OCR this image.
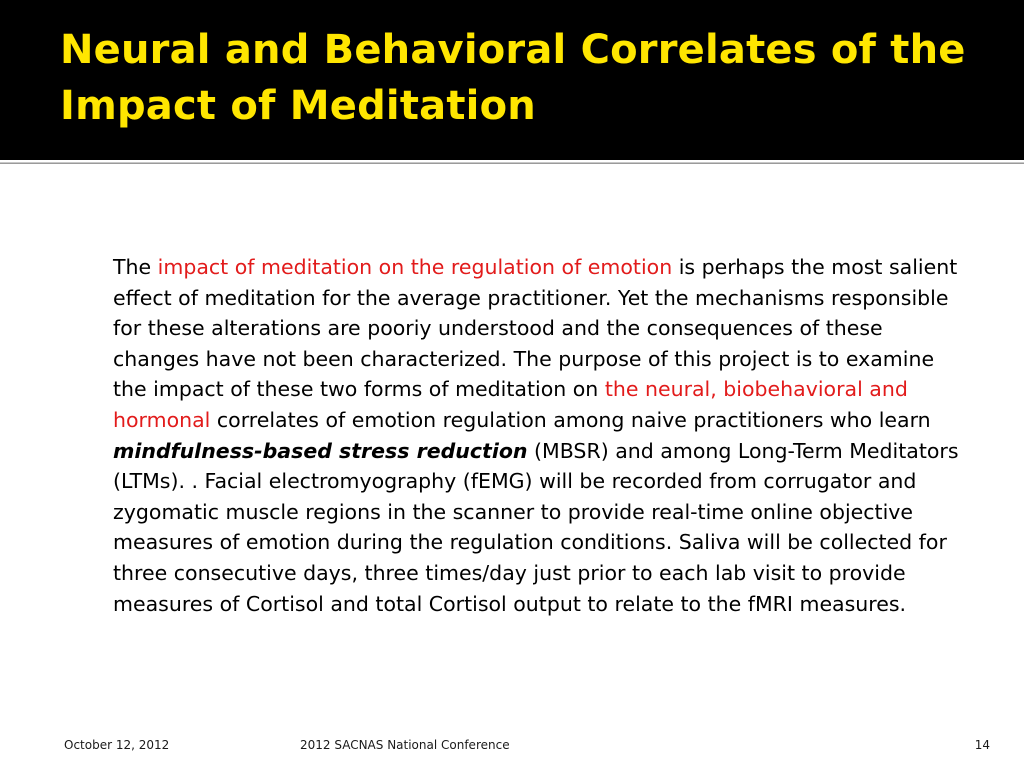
Neural and Behavioral Correlates of the Impact of Meditation

The impact of meditation on the regulation of emotion is perhaps the most salient effect of meditation for the average practitioner. Yet the mechanisms responsible for these alterations are pooriy understood and the consequences of these changes have not been characterized. The purpose of this project is to examine the impact of these two forms of meditation on the neural, biobehavioral and hormonal correlates of emotion regulation among naive practitioners who learn mindfulness-based stress reduction (MBSR) and among Long-Term Meditators (LTMs). . Facial electromyography (fEMG) will be recorded from corrugator and zygomatic muscle regions in the scanner to provide real-time online objective measures of emotion during the regulation conditions. Saliva will be collected for three consecutive days, three times/day just prior to each lab visit to provide measures of Cortisol and total Cortisol output to relate to the fMRI measures.

October 12, 2012	2012 SACNAS National Conference	14
